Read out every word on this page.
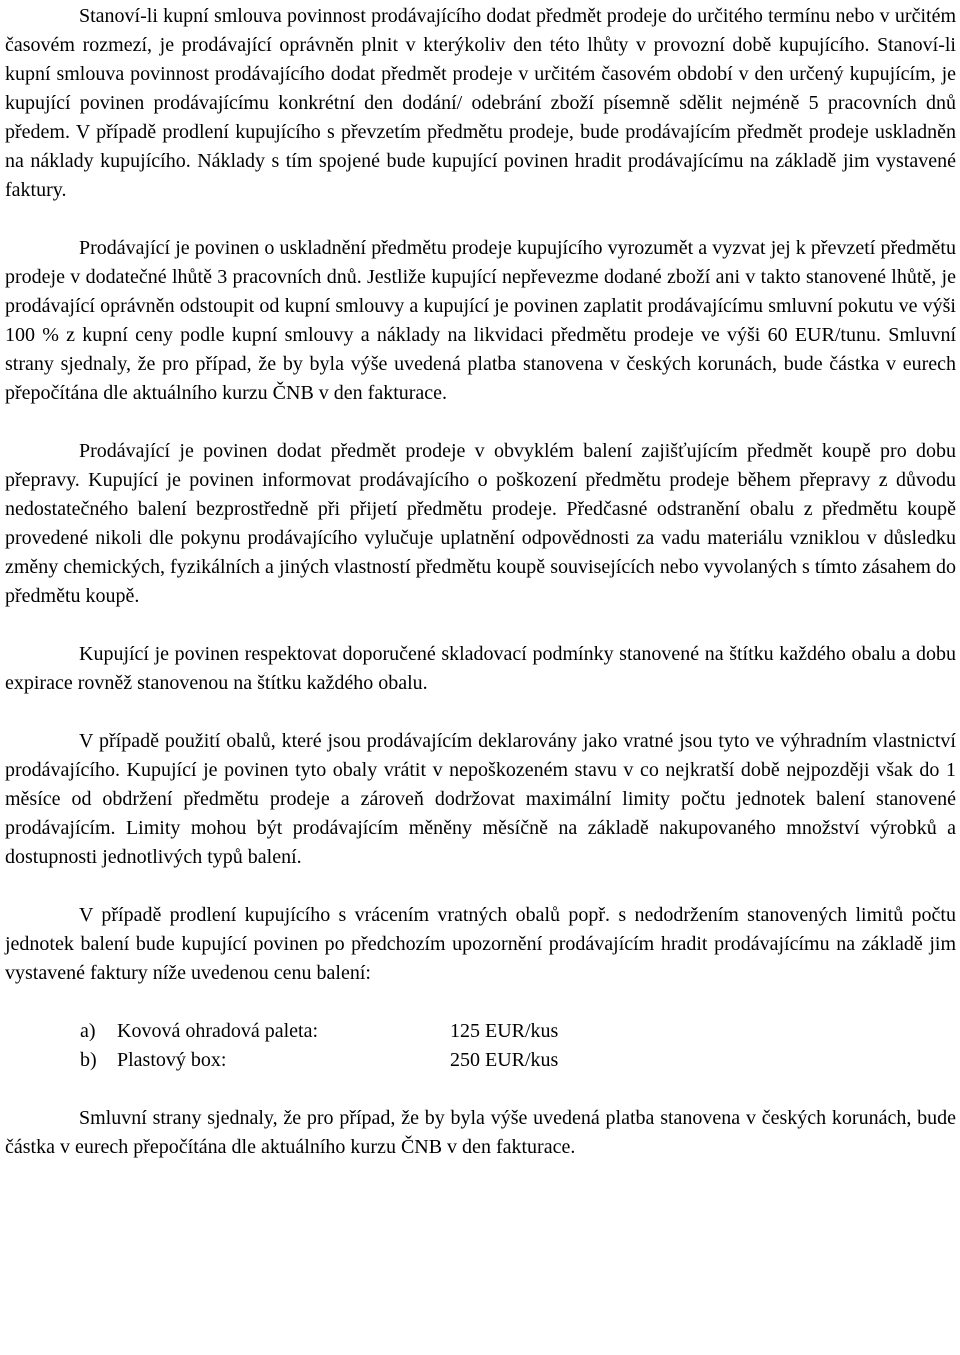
Stanoví-li kupní smlouva povinnost prodávajícího dodat předmět prodeje do určitého termínu nebo v určitém časovém rozmezí, je prodávající oprávněn plnit v kterýkoliv den této lhůty v provozní době kupujícího. Stanoví-li kupní smlouva povinnost prodávajícího dodat předmět prodeje v určitém časovém období v den určený kupujícím, je kupující povinen prodávajícímu konkrétní den dodání/ odebrání zboží písemně sdělit nejméně 5 pracovních dnů předem. V případě prodlení kupujícího s převzetím předmětu prodeje, bude prodávajícím předmět prodeje uskladněn na náklady kupujícího. Náklady s tím spojené bude kupující povinen hradit prodávajícímu na základě jim vystavené faktury.

Prodávající je povinen o uskladnění předmětu prodeje kupujícího vyrozumět a vyzvat jej k převzetí předmětu prodeje v dodatečné lhůtě 3 pracovních dnů. Jestliže kupující nepřevezme dodané zboží ani v takto stanovené lhůtě, je prodávající oprávněn odstoupit od kupní smlouvy a kupující je povinen zaplatit prodávajícímu smluvní pokutu ve výši 100 % z kupní ceny podle kupní smlouvy a náklady na likvidaci předmětu prodeje ve výši 60 EUR/tunu. Smluvní strany sjednaly, že pro případ, že by byla výše uvedená platba stanovena v českých korunách, bude částka v eurech přepočítána dle aktuálního kurzu ČNB v den fakturace.

Prodávající je povinen dodat předmět prodeje v obvyklém balení zajišťujícím předmět koupě pro dobu přepravy. Kupující je povinen informovat prodávajícího o poškození předmětu prodeje během přepravy z důvodu nedostatečného balení bezprostředně při přijetí předmětu prodeje. Předčasné odstranění obalu z předmětu koupě provedené nikoli dle pokynu prodávajícího vylučuje uplatnění odpovědnosti za vadu materiálu vzniklou v důsledku změny chemických, fyzikálních a jiných vlastností předmětu koupě souvisejících nebo vyvolaných s tímto zásahem do předmětu koupě.

Kupující je povinen respektovat doporučené skladovací podmínky stanovené na štítku každého obalu a dobu expirace rovněž stanovenou na štítku každého obalu.

V případě použití obalů, které jsou prodávajícím deklarovány jako vratné jsou tyto ve výhradním vlastnictví prodávajícího. Kupující je povinen tyto obaly vrátit v nepoškozeném stavu v co nejkratší době nejpozději však do 1 měsíce od obdržení předmětu prodeje a zároveň dodržovat maximální limity počtu jednotek balení stanovené prodávajícím. Limity mohou být prodávajícím měněny měsíčně na základě nakupovaného množství výrobků a dostupnosti jednotlivých typů balení.

V případě prodlení kupujícího s vrácením vratných obalů popř. s nedodržením stanovených limitů počtu jednotek balení bude kupující povinen po předchozím upozornění prodávajícím hradit prodávajícímu na základě jim vystavené faktury níže uvedenou cenu balení:

a)	Kovová ohradová paleta:	125 EUR/kus
b)	Plastový box:	250 EUR/kus

Smluvní strany sjednaly, že pro případ, že by byla výše uvedená platba stanovena v českých korunách, bude částka v eurech přepočítána dle aktuálního kurzu ČNB v den fakturace.
